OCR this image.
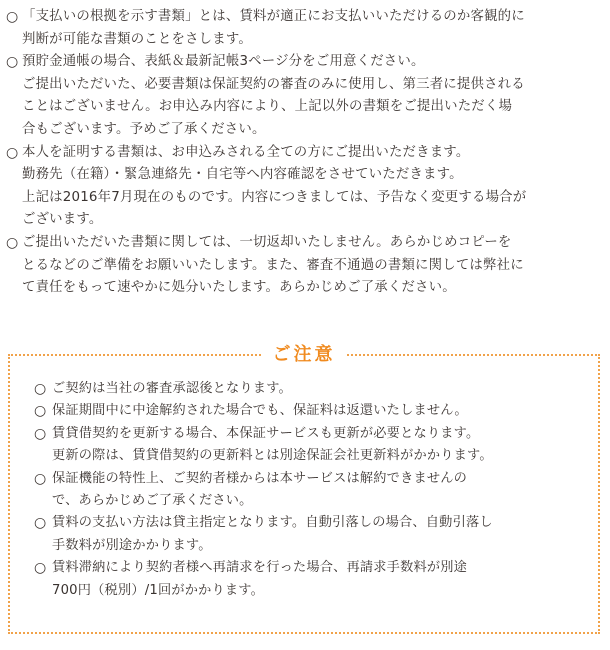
○ 「支払いの根拠を示す書類」とは、賃料が適正にお支払いいただけるのか客観的に
判断が可能な書類のことをさします。
○ 預貯金通帳の場合、表紙＆最新記帳3ページ分をご用意ください。
ご提出いただいた、必要書類は保証契約の審査のみに使用し、第三者に提供される
ことはございません。お申込み内容により、上記以外の書類をご提出いただく場
合もございます。予めご了承ください。
○ 本人を証明する書類は、お申込みされる全ての方にご提出いただきます。
勤務先（在籍）・緊急連絡先・自宅等へ内容確認をさせていただきます。
上記は2016年7月現在のものです。内容につきましては、予告なく変更する場合が
ございます。
○ ご提出いただいた書類に関しては、一切返却いたしません。あらかじめコピーを
とるなどのご準備をお願いいたします。また、審査不通過の書類に関しては弊社に
て責任をもって速やかに処分いたします。あらかじめご了承ください。
ご注意
○ ご契約は当社の審査承認後となります。
○ 保証期間中に中途解約された場合でも、保証料は返還いたしません。
○ 賃貸借契約を更新する場合、本保証サービスも更新が必要となります。
更新の際は、賃貸借契約の更新料とは別途保証会社更新料がかかります。
○ 保証機能の特性上、ご契約者様からは本サービスは解約できませんの
で、あらかじめご了承ください。
○ 賃料の支払い方法は貸主指定となります。自動引落しの場合、自動引落し
手数料が別途かかります。
○ 賃料滞納により契約者様へ再請求を行った場合、再請求手数料が別途
700円（税別）/1回がかかります。
